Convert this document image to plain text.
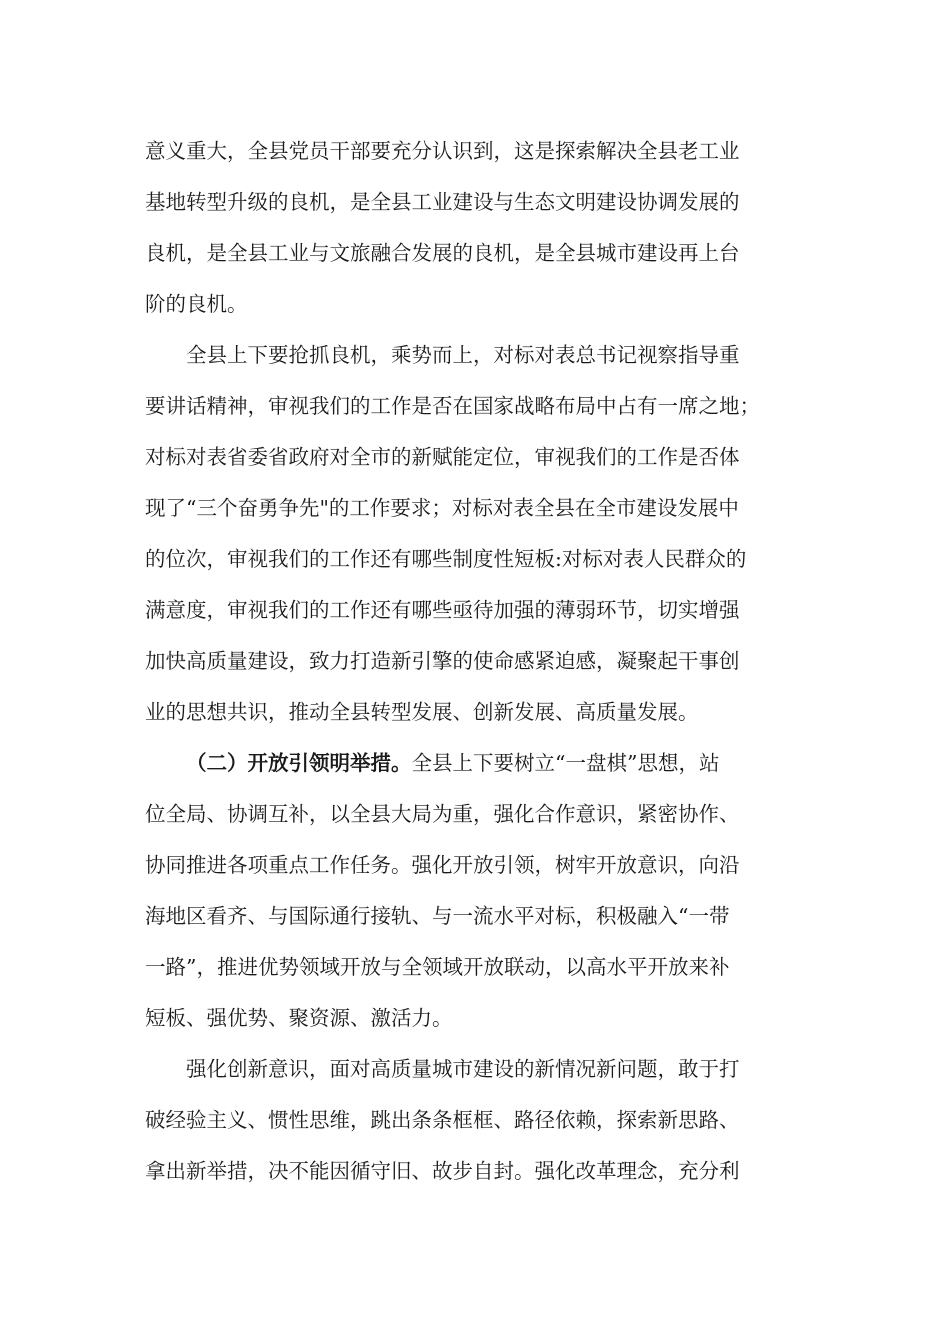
意义重大，全县党员干部要充分认识到，这是探索解决全县老工业
基地转型升级的良机，是全县工业建设与生态文明建设协调发展的
良机，是全县工业与文旅融合发展的良机，是全县城市建设再上台
阶的良机。
全县上下要抢抓良机，乘势而上，对标对表总书记视察指导重
要讲话精神，审视我们的工作是否在国家战略布局中占有一席之地；
对标对表省委省政府对全市的新赋能定位，审视我们的工作是否体
现了“三个奋勇争先"的工作要求；对标对表全县在全市建设发展中
的位次，审视我们的工作还有哪些制度性短板:对标对表人民群众的
满意度，审视我们的工作还有哪些亟待加强的薄弱环节，切实增强
加快高质量建设，致力打造新引擎的使命感紧迫感，凝聚起干事创
业的思想共识，推动全县转型发展、创新发展、高质量发展。
（二）开放引领明举措。全县上下要树立“一盘棋”思想，站
位全局、协调互补，以全县大局为重，强化合作意识，紧密协作、
协同推进各项重点工作任务。强化开放引领，树牢开放意识，向沿
海地区看齐、与国际通行接轨、与一流水平对标，积极融入“一带
一路”，推进优势领域开放与全领域开放联动，以高水平开放来补
短板、强优势、聚资源、激活力。
强化创新意识，面对高质量城市建设的新情况新问题，敢于打
破经验主义、惯性思维，跳出条条框框、路径依赖，探索新思路、
拿出新举措，决不能因循守旧、故步自封。强化改革理念，充分利
